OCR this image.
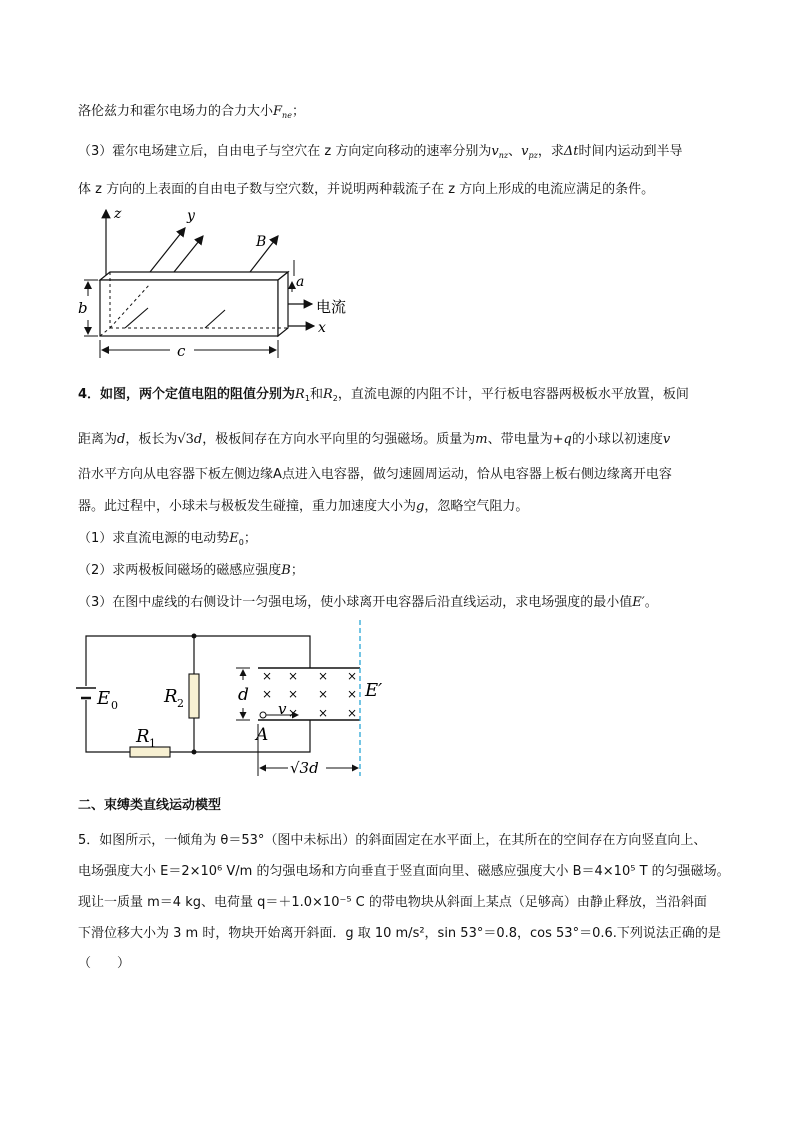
洛伦兹力和霍尔电场力的合力大小$F_{ne}$；
（3）霍尔电场建立后，自由电子与空穴在 z 方向定向移动的速率分别为$v_{nz}$、$v_{pz}$，求Δt时间内运动到半导
体 z 方向的上表面的自由电子数与空穴数，并说明两种载流子在 z 方向上形成的电流应满足的条件。
z	y
B
a
电流
x
b
c
4．如图，两个定值电阻的阻值分别为$R_1$和$R_2$，直流电源的内阻不计，平行板电容器两极板水平放置，板间
距离为d，板长为√3d，极板间存在方向水平向里的匀强磁场。质量为m、带电量为+q的小球以初速度v
沿水平方向从电容器下板左侧边缘A点进入电容器，做匀速圆周运动，恰从电容器上板右侧边缘离开电容
器。此过程中，小球未与极板发生碰撞，重力加速度大小为g，忽略空气阻力。
（1）求直流电源的电动势$E_0$；
（2）求两极板间磁场的磁感应强度B；
（3）在图中虚线的右侧设计一匀强电场，使小球离开电容器后沿直线运动，求电场强度的最小值E′。
E 0	R 2
R 1
d
× × × ×
× × × ×
× × ×
v
A
E′
√3d
二、束缚类直线运动模型
5．如图所示，一倾角为 θ＝53°（图中未标出）的斜面固定在水平面上，在其所在的空间存在方向竖直向上、
电场强度大小 E＝2×10⁶ V/m 的匀强电场和方向垂直于竖直面向里、磁感应强度大小 B＝4×10⁵ T 的匀强磁场。
现让一质量 m＝4 kg、电荷量 q＝＋1.0×10⁻⁵ C 的带电物块从斜面上某点（足够高）由静止释放，当沿斜面
下滑位移大小为 3 m 时，物块开始离开斜面．g 取 10 m/s²，sin 53°＝0.8，cos 53°＝0.6.下列说法正确的是
（　　）
